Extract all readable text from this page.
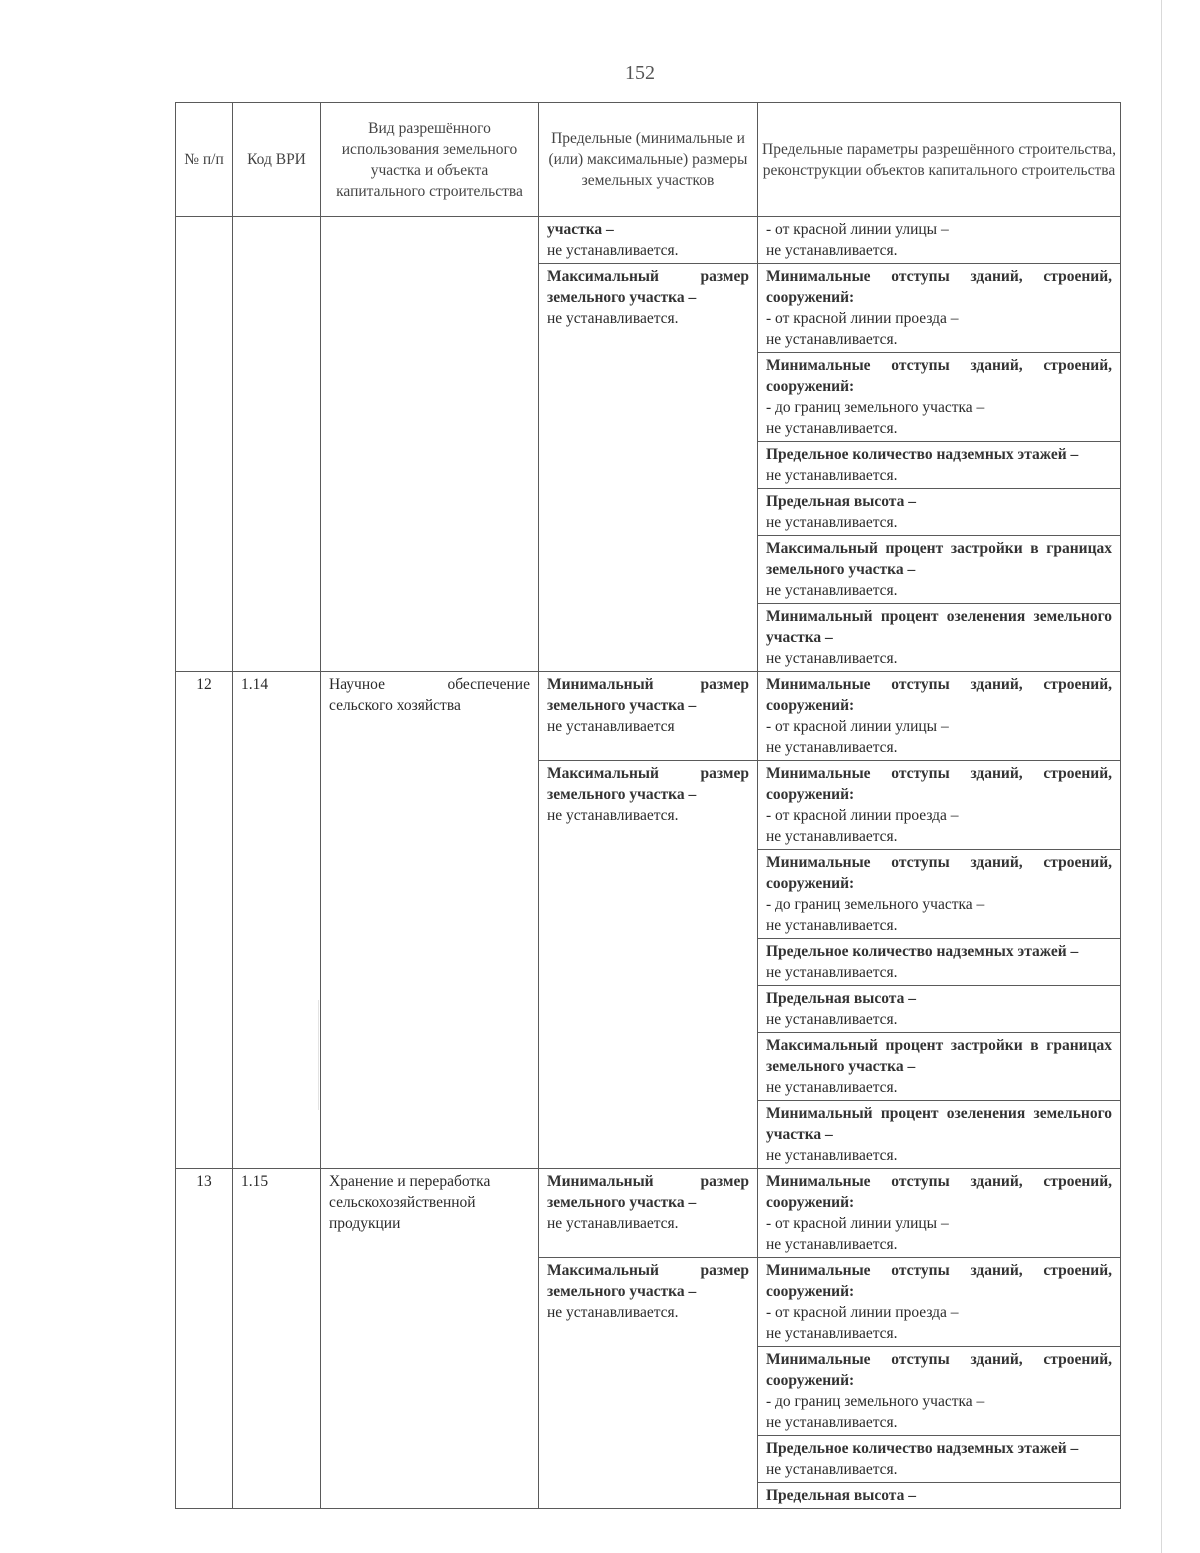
152
№ п/п	Код ВРИ	Вид разрешённого использования земельного участка и объекта капитального строительства	Предельные (минимальные и (или) максимальные) размеры земельных участков	Предельные параметры разрешённого строительства, реконструкции объектов капитального строительства

			участка –
не устанавливается.	- от красной линии улицы –
не устанавливается.

			Максимальный размер земельного участка –
не устанавливается.	Минимальные отступы зданий, строений, сооружений:
- от красной линии проезда –
не устанавливается.

				Минимальные отступы зданий, строений, сооружений:
- до границ земельного участка –
не устанавливается.

				Предельное количество надземных этажей –
не устанавливается.

				Предельная высота –
не устанавливается.

				Максимальный процент застройки в границах земельного участка –
не устанавливается.

				Минимальный процент озеленения земельного участка –
не устанавливается.

12	1.14	Научное обеспечение сельского хозяйства	Минимальный размер земельного участка –
не устанавливается	Минимальные отступы зданий, строений, сооружений:
- от красной линии улицы –
не устанавливается.

			Максимальный размер земельного участка –
не устанавливается.	Минимальные отступы зданий, строений, сооружений:
- от красной линии проезда –
не устанавливается.

				Минимальные отступы зданий, строений, сооружений:
- до границ земельного участка –
не устанавливается.

				Предельное количество надземных этажей –
не устанавливается.

				Предельная высота –
не устанавливается.

				Максимальный процент застройки в границах земельного участка –
не устанавливается.

				Минимальный процент озеленения земельного участка –
не устанавливается.

13	1.15	Хранение и переработка сельскохозяйственной продукции	Минимальный размер земельного участка –
не устанавливается.	Минимальные отступы зданий, строений, сооружений:
- от красной линии улицы –
не устанавливается.

			Максимальный размер земельного участка –
не устанавливается.	Минимальные отступы зданий, строений, сооружений:
- от красной линии проезда –
не устанавливается.

				Минимальные отступы зданий, строений, сооружений:
- до границ земельного участка –
не устанавливается.

				Предельное количество надземных этажей –
не устанавливается.

				Предельная высота –
